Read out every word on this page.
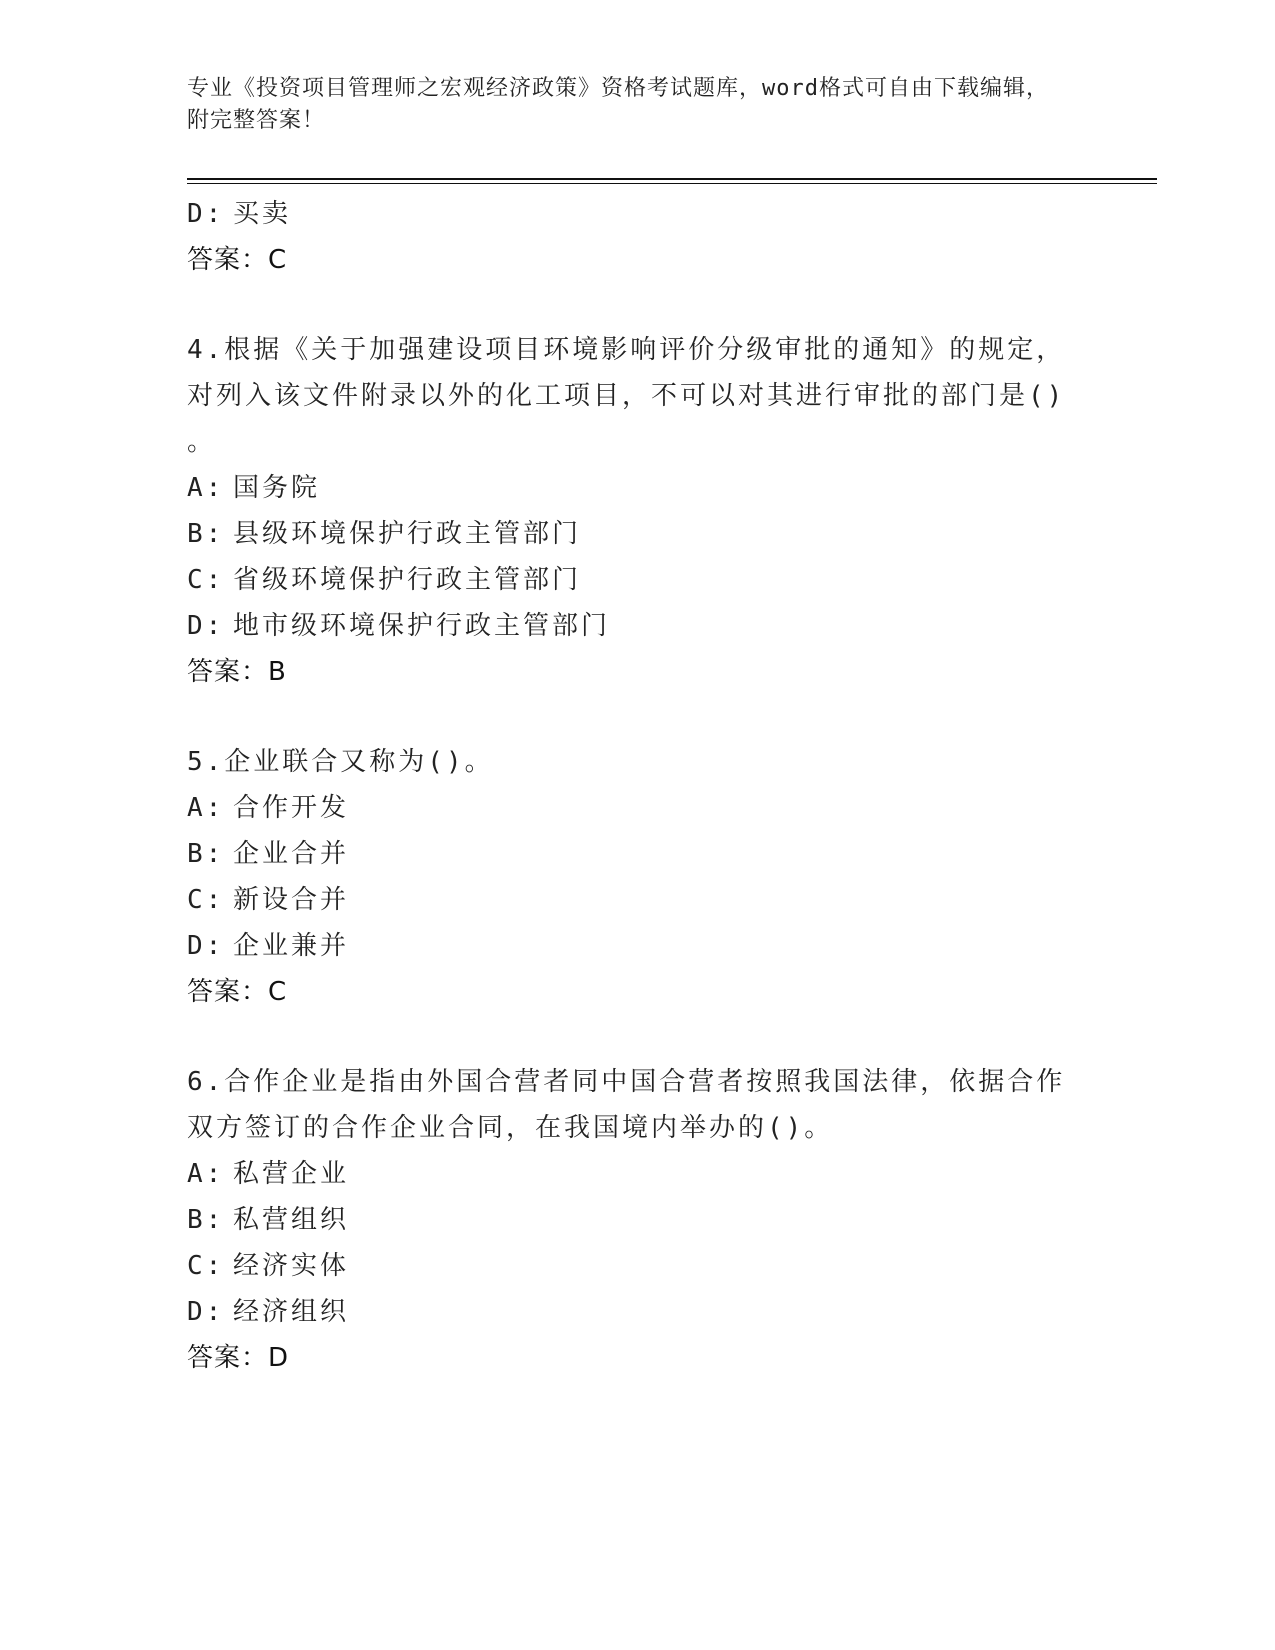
专业《投资项目管理师之宏观经济政策》资格考试题库，word格式可自由下载编辑，附完整答案！
D: 买卖
答案：C
4.根据《关于加强建设项目环境影响评价分级审批的通知》的规定，
对列入该文件附录以外的化工项目，不可以对其进行审批的部门是()
。
A: 国务院
B: 县级环境保护行政主管部门
C: 省级环境保护行政主管部门
D: 地市级环境保护行政主管部门
答案：B
5.企业联合又称为()。
A: 合作开发
B: 企业合并
C: 新设合并
D: 企业兼并
答案：C
6.合作企业是指由外国合营者同中国合营者按照我国法律，依据合作
双方签订的合作企业合同，在我国境内举办的()。
A: 私营企业
B: 私营组织
C: 经济实体
D: 经济组织
答案：D
